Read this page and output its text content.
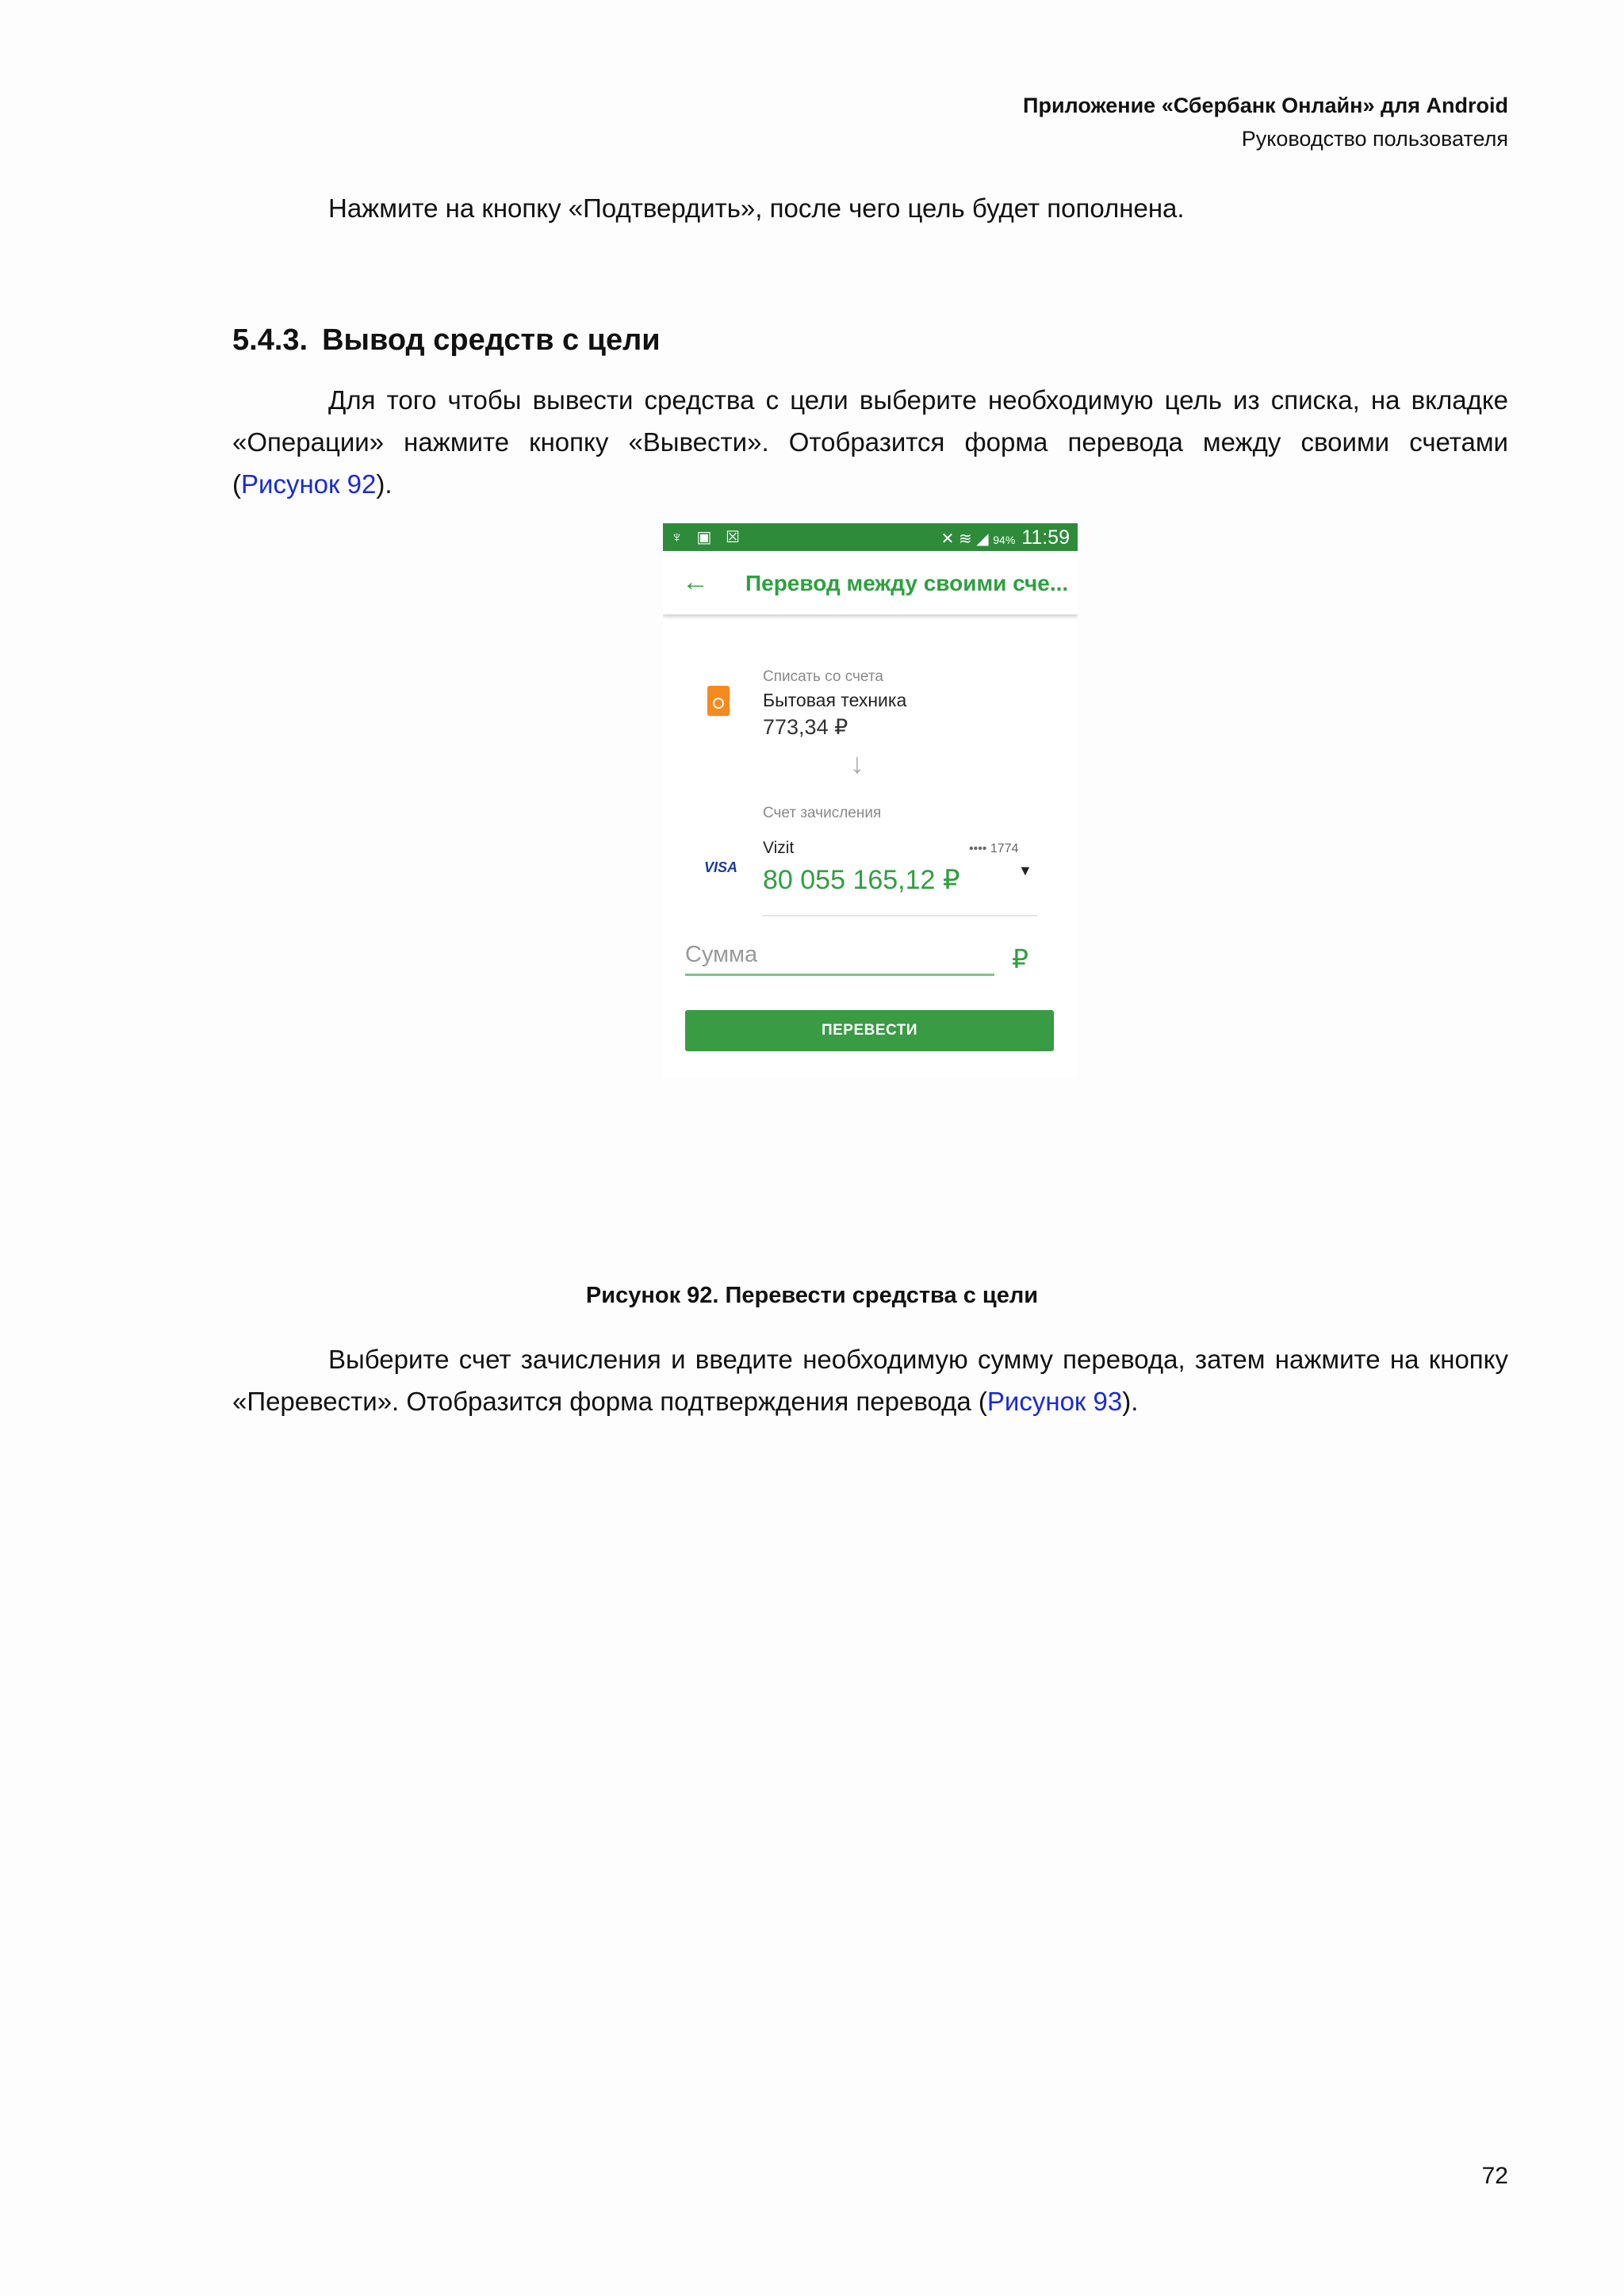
Приложение «Сбербанк Онлайн» для Android
Руководство пользователя
Нажмите на кнопку «Подтвердить», после чего цель будет пополнена.
5.4.3. Вывод средств с цели
Для того чтобы вывести средства с цели выберите необходимую цель из списка, на вкладке «Операции» нажмите кнопку «Вывести». Отобразится форма перевода между своими счетами (Рисунок 92).
♆ ▣ ☒	✕ ≋ ◢ 94% 11:59
← Перевод между своими сче...
Списать со счета
Бытовая техника
773,34 ₽
↓
Счет зачисления
Vizit	•••• 1774
VISA 80 055 165,12 ₽	▼
Сумма
₽
ПЕРЕВЕСТИ
Рисунок 92. Перевести средства с цели
Выберите счет зачисления и введите необходимую сумму перевода, затем нажмите на кнопку «Перевести». Отобразится форма подтверждения перевода (Рисунок 93).
72
